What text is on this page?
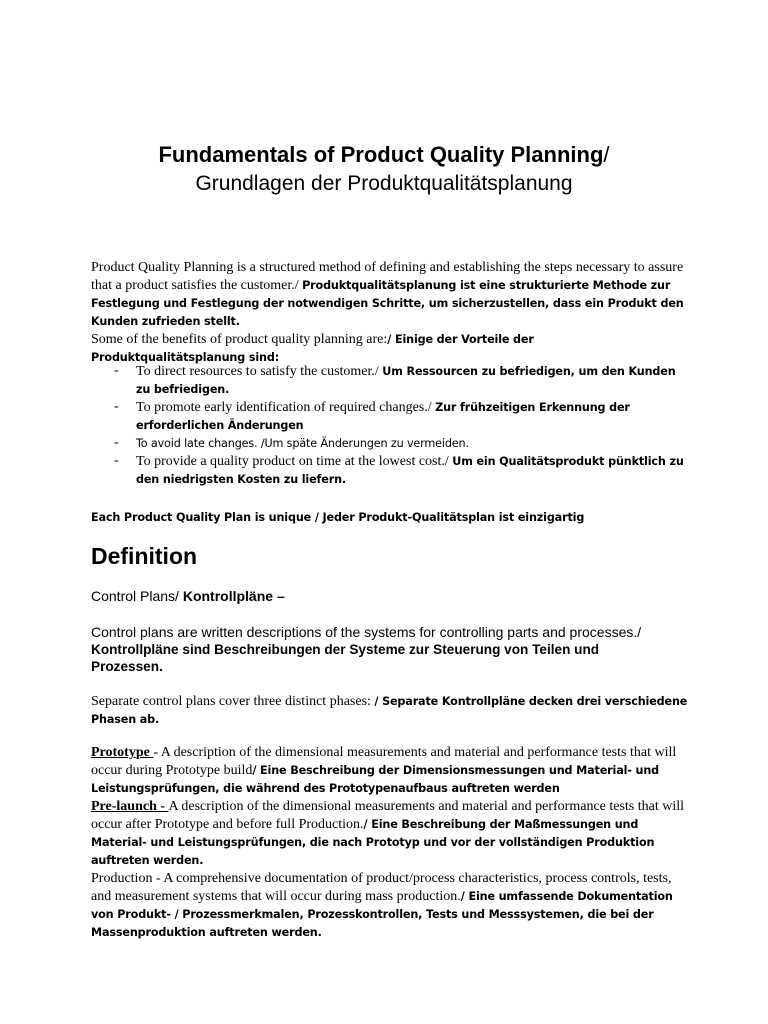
Fundamentals of Product Quality Planning/
Grundlagen der Produktqualitätsplanung
Product Quality Planning is a structured method of defining and establishing the steps necessary to assure that a product satisfies the customer./ Produktqualitätsplanung ist eine strukturierte Methode zur Festlegung und Festlegung der notwendigen Schritte, um sicherzustellen, dass ein Produkt den Kunden zufrieden stellt.
Some of the benefits of product quality planning are:/ Einige der Vorteile der Produktqualitätsplanung sind:
- To direct resources to satisfy the customer./ Um Ressourcen zu befriedigen, um den Kunden zu befriedigen.
- To promote early identification of required changes./ Zur frühzeitigen Erkennung der erforderlichen Änderungen
- To avoid late changes. /Um späte Änderungen zu vermeiden.
- To provide a quality product on time at the lowest cost./ Um ein Qualitätsprodukt pünktlich zu den niedrigsten Kosten zu liefern.
Each Product Quality Plan is unique / Jeder Produkt-Qualitätsplan ist einzigartig
Definition
Control Plans/ Kontrollpläne –
Control plans are written descriptions of the systems for controlling parts and processes./ Kontrollpläne sind Beschreibungen der Systeme zur Steuerung von Teilen und Prozessen.
Separate control plans cover three distinct phases: / Separate Kontrollpläne decken drei verschiedene Phasen ab.
Prototype - A description of the dimensional measurements and material and performance tests that will occur during Prototype build/ Eine Beschreibung der Dimensionsmessungen und Material- und Leistungsprüfungen, die während des Prototypenaufbaus auftreten werden
Pre-launch - A description of the dimensional measurements and material and performance tests that will occur after Prototype and before full Production./ Eine Beschreibung der Maßmessungen und Material- und Leistungsprüfungen, die nach Prototyp und vor der vollständigen Produktion auftreten werden.
Production - A comprehensive documentation of product/process characteristics, process controls, tests, and measurement systems that will occur during mass production./ Eine umfassende Dokumentation von Produkt- / Prozessmerkmalen, Prozesskontrollen, Tests und Messsystemen, die bei der Massenproduktion auftreten werden.
